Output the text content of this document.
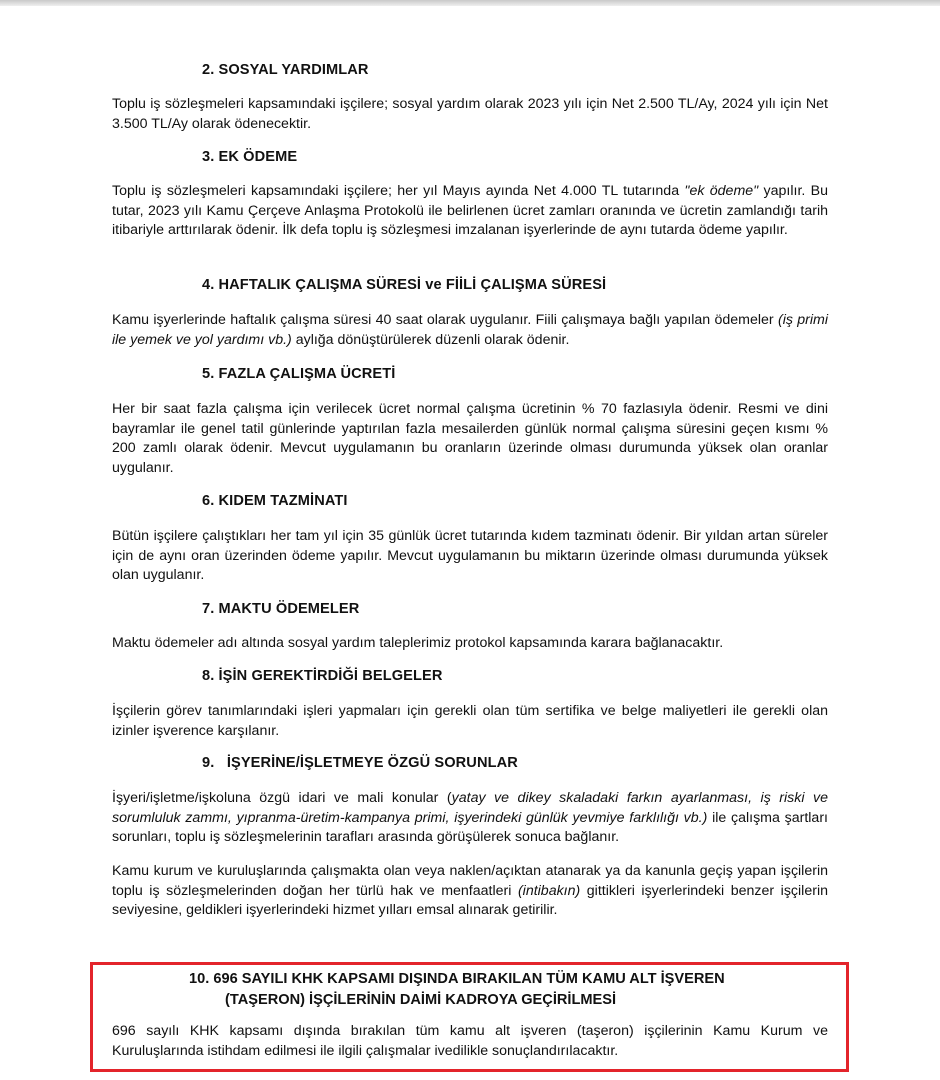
2. SOSYAL YARDIMLAR
Toplu iş sözleşmeleri kapsamındaki işçilere; sosyal yardım olarak 2023 yılı için Net 2.500 TL/Ay, 2024 yılı için Net 3.500 TL/Ay olarak ödenecektir.
3. EK ÖDEME
Toplu iş sözleşmeleri kapsamındaki işçilere; her yıl Mayıs ayında Net 4.000 TL tutarında "ek ödeme" yapılır. Bu tutar, 2023 yılı Kamu Çerçeve Anlaşma Protokolü ile belirlenen ücret zamları oranında ve ücretin zamlandığı tarih itibariyle arttırılarak ödenir. İlk defa toplu iş sözleşmesi imzalanan işyerlerinde de aynı tutarda ödeme yapılır.
4. HAFTALIK ÇALIŞMA SÜRESİ ve FİİLİ ÇALIŞMA SÜRESİ
Kamu işyerlerinde haftalık çalışma süresi 40 saat olarak uygulanır. Fiili çalışmaya bağlı yapılan ödemeler (iş primi ile yemek ve yol yardımı vb.) aylığa dönüştürülerek düzenli olarak ödenir.
5. FAZLA ÇALIŞMA ÜCRETİ
Her bir saat fazla çalışma için verilecek ücret normal çalışma ücretinin % 70 fazlasıyla ödenir. Resmi ve dini bayramlar ile genel tatil günlerinde yaptırılan fazla mesailerden günlük normal çalışma süresini geçen kısmı % 200 zamlı olarak ödenir. Mevcut uygulamanın bu oranların üzerinde olması durumunda yüksek olan oranlar uygulanır.
6. KIDEM TAZMİNATI
Bütün işçilere çalıştıkları her tam yıl için 35 günlük ücret tutarında kıdem tazminatı ödenir. Bir yıldan artan süreler için de aynı oran üzerinden ödeme yapılır. Mevcut uygulamanın bu miktarın üzerinde olması durumunda yüksek olan uygulanır.
7. MAKTU ÖDEMELER
Maktu ödemeler adı altında sosyal yardım taleplerimiz protokol kapsamında karara bağlanacaktır.
8. İŞİN GEREKTİRDİĞİ BELGELER
İşçilerin görev tanımlarındaki işleri yapmaları için gerekli olan tüm sertifika ve belge maliyetleri ile gerekli olan izinler işverence karşılanır.
9.   İŞYERİNE/İŞLETMEYE ÖZGÜ SORUNLAR
İşyeri/işletme/işkoluna özgü idari ve mali konular (yatay ve dikey skaladaki farkın ayarlanması, iş riski ve sorumluluk zammı, yıpranma-üretim-kampanya primi, işyerindeki günlük yevmiye farklılığı vb.) ile çalışma şartları sorunları, toplu iş sözleşmelerinin tarafları arasında görüşülerek sonuca bağlanır.
Kamu kurum ve kuruluşlarında çalışmakta olan veya naklen/açıktan atanarak ya da kanunla geçiş yapan işçilerin toplu iş sözleşmelerinden doğan her türlü hak ve menfaatleri (intibakın) gittikleri işyerlerindeki benzer işçilerin seviyesine, geldikleri işyerlerindeki hizmet yılları emsal alınarak getirilir.
10. 696 SAYILI KHK KAPSAMI DIŞINDA BIRAKILAN TÜM KAMU ALT İŞVEREN
(TAŞERON) İŞÇİLERİNİN DAİMİ KADROYA GEÇİRİLMESİ
696 sayılı KHK kapsamı dışında bırakılan tüm kamu alt işveren (taşeron) işçilerinin Kamu Kurum ve Kuruluşlarında istihdam edilmesi ile ilgili çalışmalar ivedilikle sonuçlandırılacaktır.
